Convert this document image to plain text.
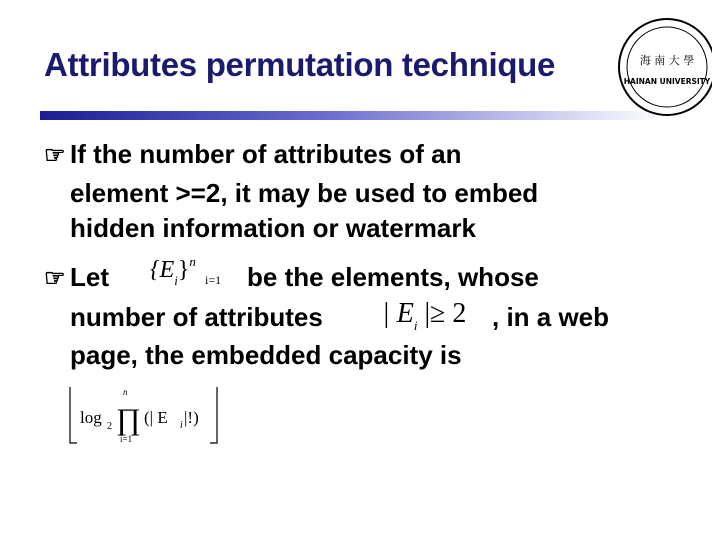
Attributes permutation technique	海 南 大 學
HAINAN UNIVERSITY
☞ If the number of attributes of an
element >=2, it may be used to embed
hidden information or watermark
☞ Let $\{E_i\}^n$
i=1 be the elements, whose
number of attributes | $E_i$ |≥ 2 , in a web
page, the embedded capacity is
log 2
n
∏
i=1
(| E i |!)
